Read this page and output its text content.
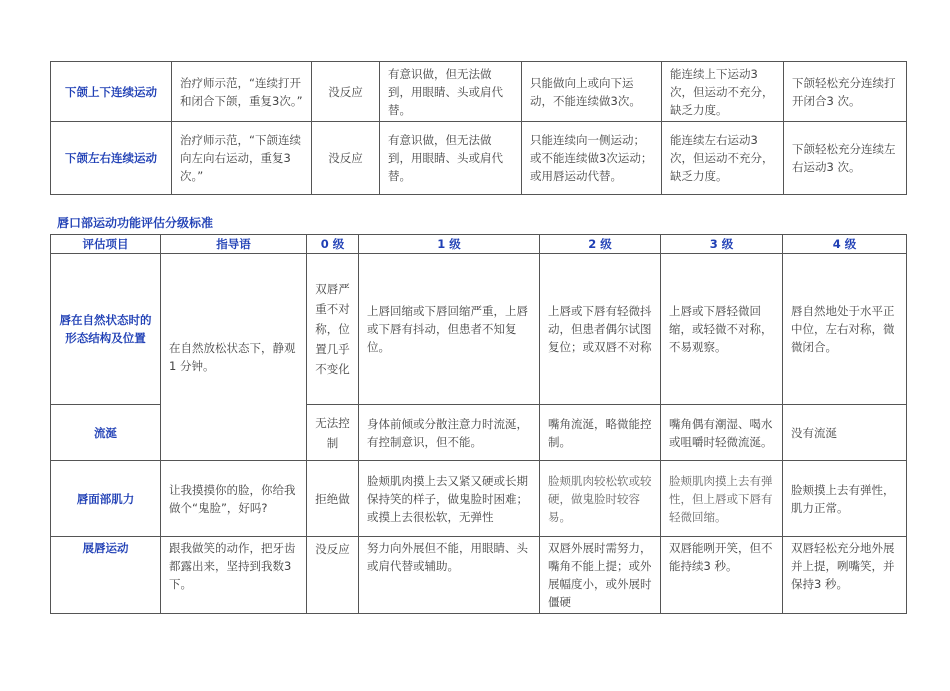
下颌上下连续运动	治疗师示范，“连续打开和闭合下颌，重复3次。”	没反应	有意识做，但无法做到，用眼睛、头或肩代替。	只能做向上或向下运动，不能连续做3次。	能连续上下运动3次，但运动不充分，缺乏力度。	下颌轻松充分连续打开闭合3 次。
下颌左右连续运动	治疗师示范，“下颌连续向左向右运动，重复3 次。”	没反应	有意识做，但无法做到，用眼睛、头或肩代替。	只能连续向一侧运动；或不能连续做3次运动；或用唇运动代替。	能连续左右运动3次，但运动不充分，缺乏力度。	下颌轻松充分连续左右运动3 次。
唇口部运动功能评估分级标准
评估项目	指导语	0 级	1 级	2 级	3 级	4 级
唇在自然状态时的形态结构及位置	在自然放松状态下，静观1 分钟。	双唇严重不对称，位置几乎不变化	上唇回缩或下唇回缩严重，上唇或下唇有抖动，但患者不知复位。	上唇或下唇有轻微抖动，但患者偶尔试图复位；或双唇不对称	上唇或下唇轻微回缩，或轻微不对称，不易观察。	唇自然地处于水平正中位，左右对称，微微闭合。
流涎		无法控制	身体前倾或分散注意力时流涎，有控制意识，但不能。	嘴角流涎，略微能控制。	嘴角偶有潮湿、喝水或咀嚼时轻微流涎。	没有流涎
唇面部肌力	让我摸摸你的脸，你给我做个“鬼脸”，好吗?	拒绝做	脸颊肌肉摸上去又紧又硬或长期保持笑的样子，做鬼脸时困难；或摸上去很松软，无弹性	脸颊肌肉较松软或较硬，做鬼脸时较容易。	脸颊肌肉摸上去有弹性，但上唇或下唇有轻微回缩。	脸颊摸上去有弹性，肌力正常。
展唇运动	跟我做笑的动作，把牙齿都露出来，坚持到我数3 下。	没反应	努力向外展但不能，用眼睛、头或肩代替或辅助。	双唇外展时需努力，嘴角不能上提；或外展幅度小，或外展时僵硬	双唇能咧开笑，但不能持续3 秒。	双唇轻松充分地外展并上提，咧嘴笑，并保持3 秒。
